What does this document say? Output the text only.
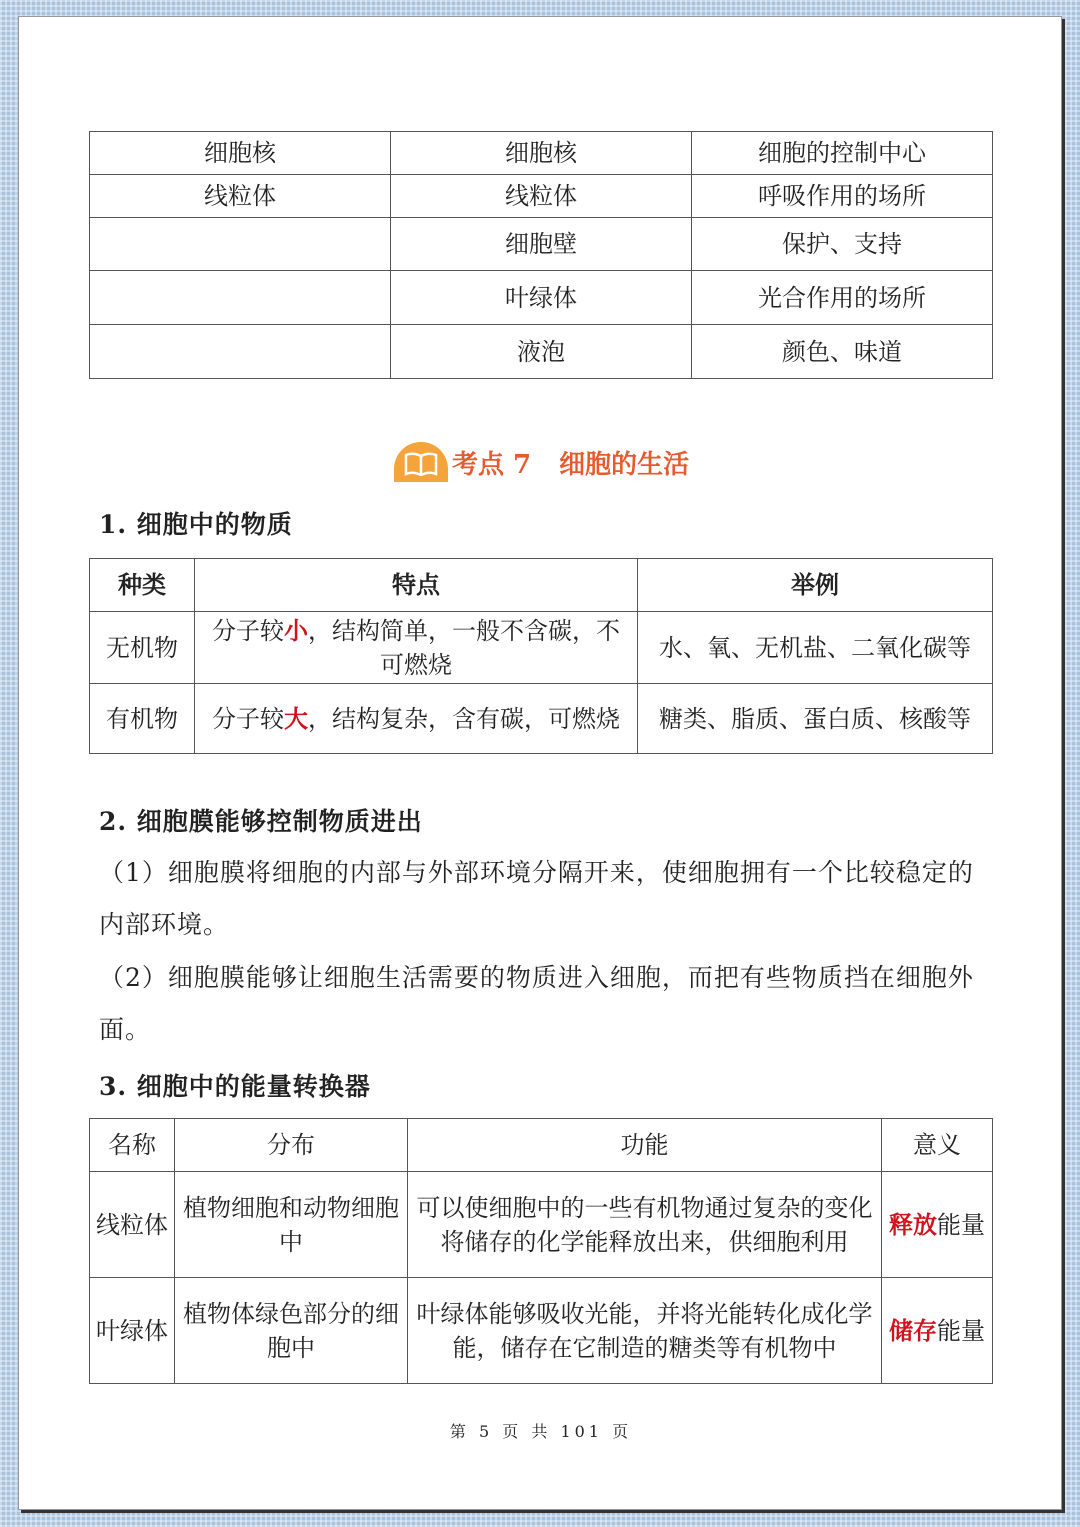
细胞核	细胞核	细胞的控制中心
线粒体	线粒体	呼吸作用的场所
	细胞壁	保护、支持
	叶绿体	光合作用的场所
	液泡	颜色、味道
考点 7 细胞的生活
1. 细胞中的物质
种类	特点	举例
无机物	分子较小，结构简单，一般不含碳，不可燃烧	水、氧、无机盐、二氧化碳等
有机物	分子较大，结构复杂，含有碳，可燃烧	糖类、脂质、蛋白质、核酸等
2. 细胞膜能够控制物质进出
（1）细胞膜将细胞的内部与外部环境分隔开来，使细胞拥有一个比较稳定的内部环境。
（2）细胞膜能够让细胞生活需要的物质进入细胞，而把有些物质挡在细胞外面。
3. 细胞中的能量转换器
名称	分布	功能	意义
线粒体	植物细胞和动物细胞中	可以使细胞中的一些有机物通过复杂的变化将储存的化学能释放出来，供细胞利用	释放能量
叶绿体	植物体绿色部分的细胞中	叶绿体能够吸收光能，并将光能转化成化学能，储存在它制造的糖类等有机物中	储存能量
第 5 页 共 101 页
